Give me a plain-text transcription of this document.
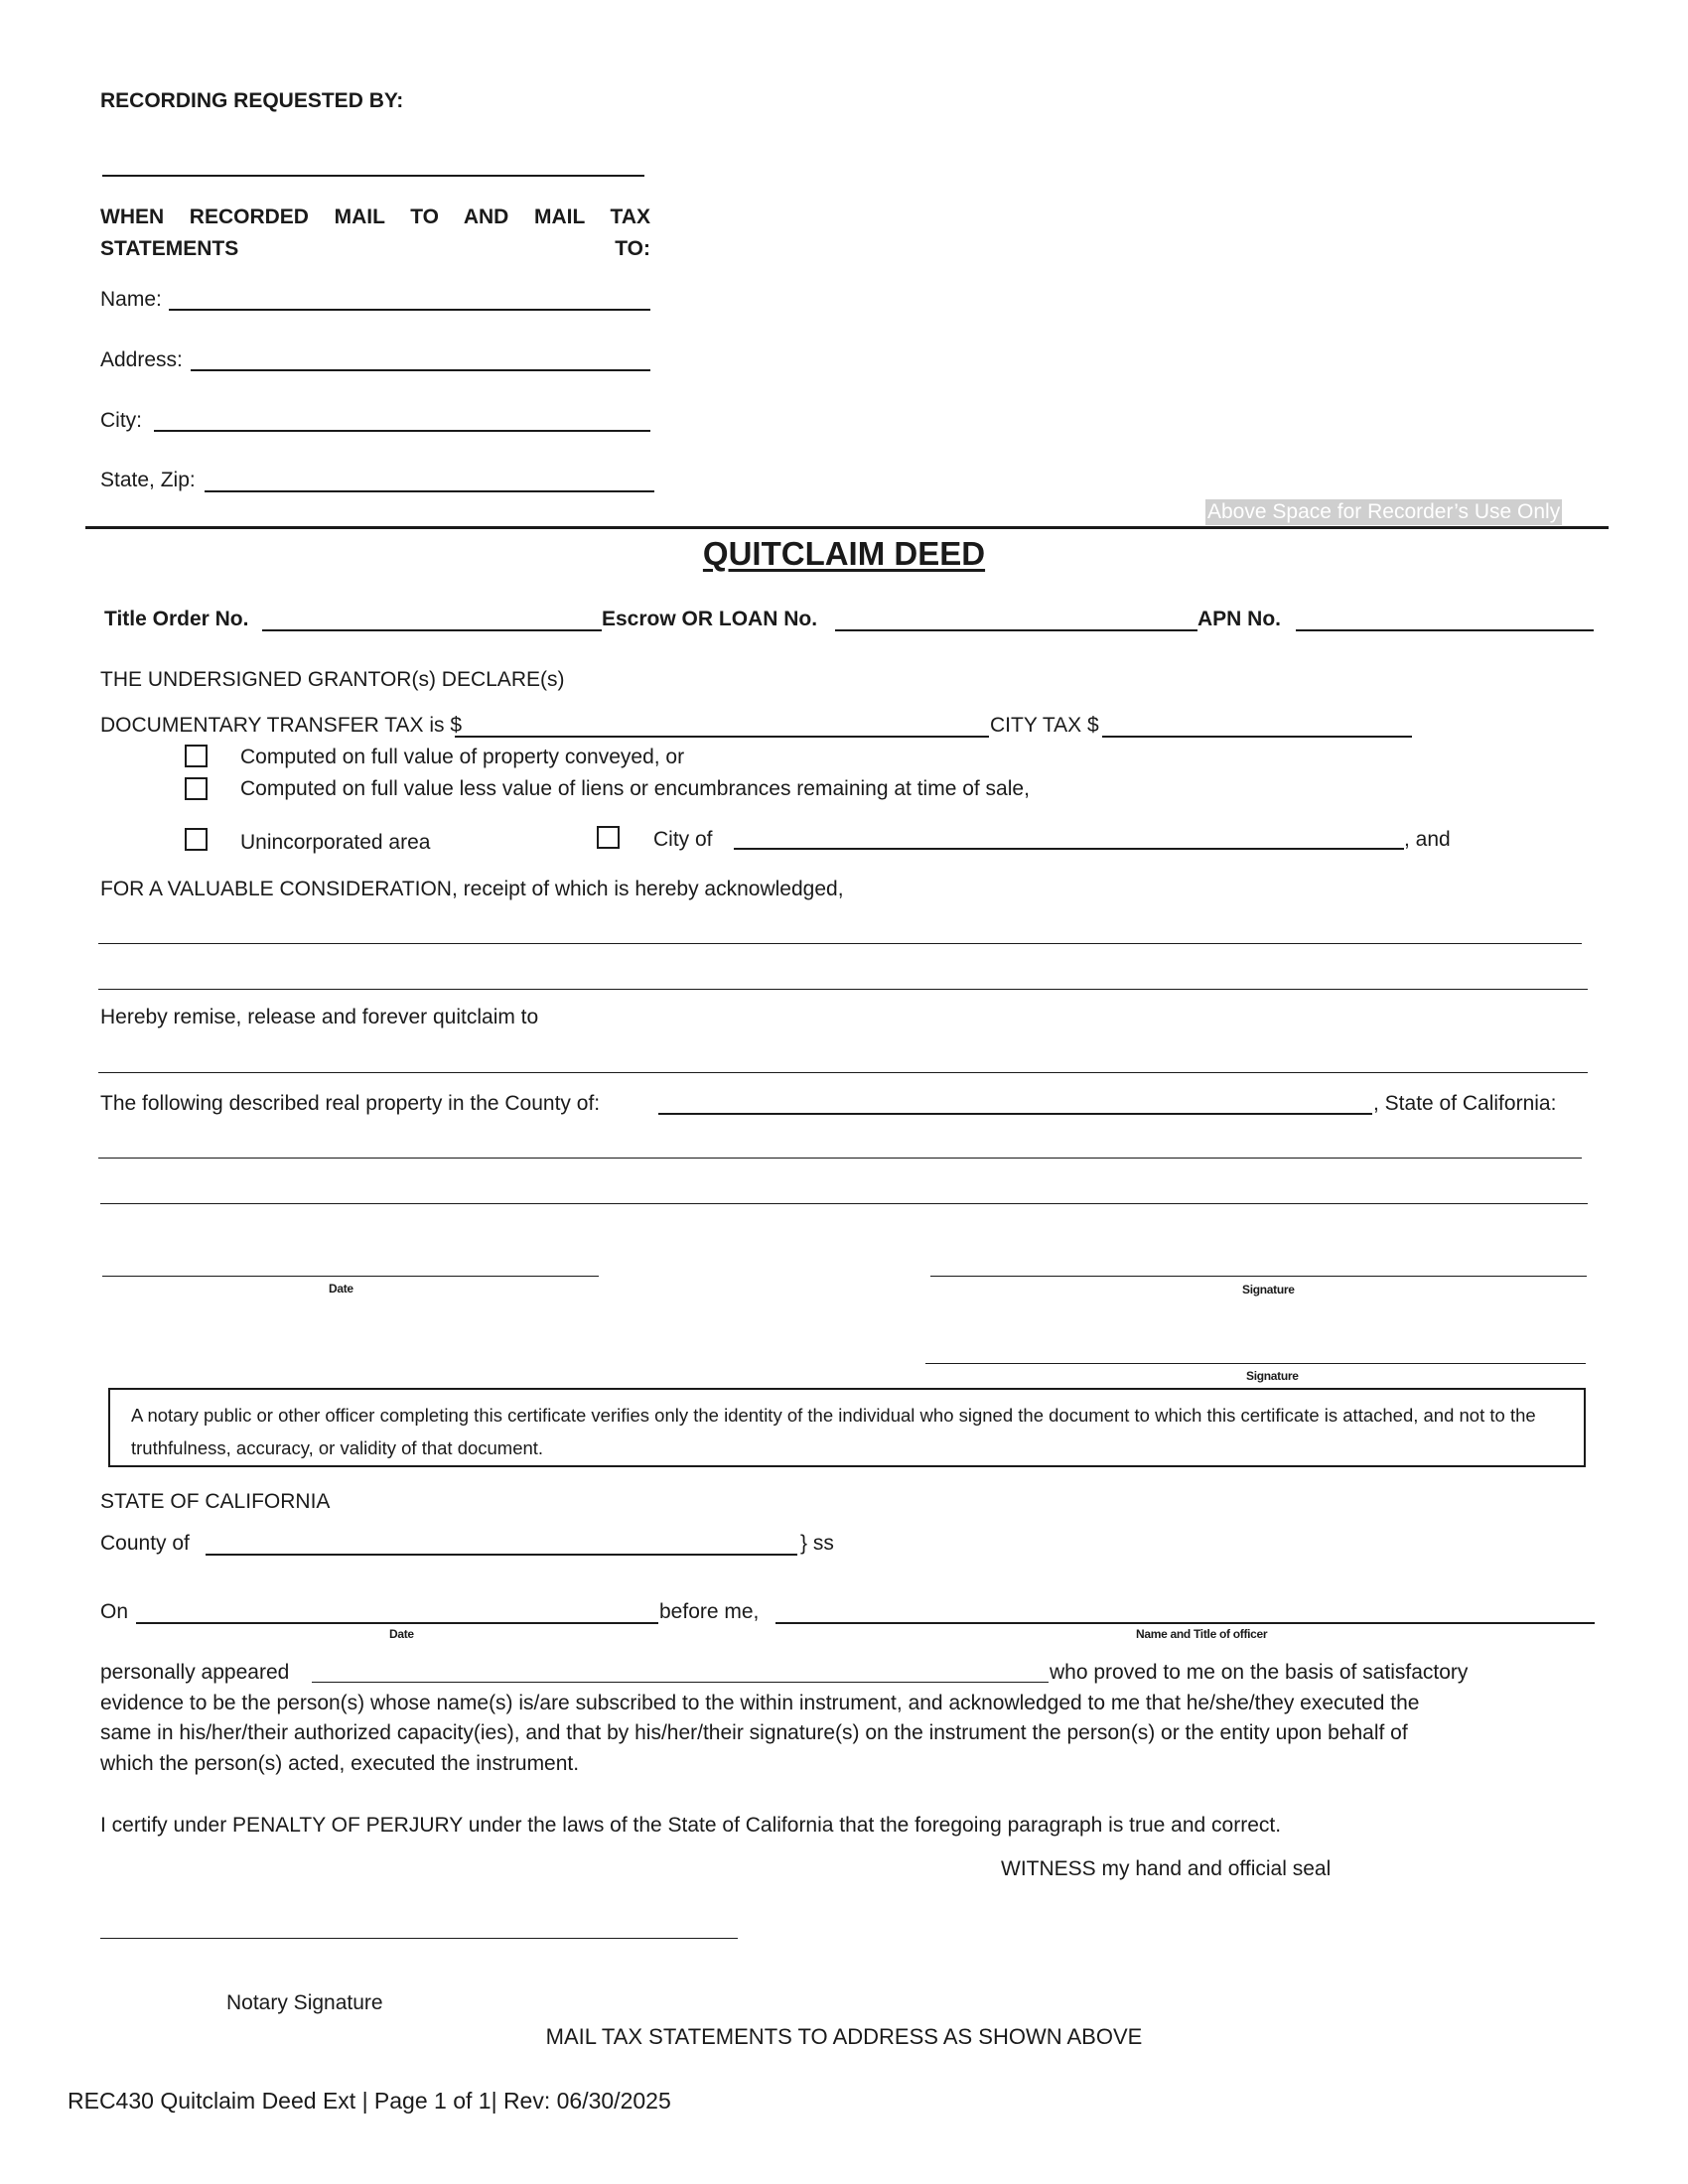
RECORDING REQUESTED BY:
WHEN RECORDED MAIL TO AND MAIL TAX STATEMENTS TO:
Name:
Address:
City:
State, Zip:
Above Space for Recorder’s Use Only
QUITCLAIM DEED
Title Order No.	Escrow OR LOAN No.	APN No.
THE UNDERSIGNED GRANTOR(s) DECLARE(s)
DOCUMENTARY TRANSFER TAX is $	CITY TAX $
Computed on full value of property conveyed, or
Computed on full value less value of liens or encumbrances remaining at time of sale,
Unincorporated area	City of	, and
FOR A VALUABLE CONSIDERATION, receipt of which is hereby acknowledged,
Hereby remise, release and forever quitclaim to
The following described real property in the County of:	, State of California:
Date	Signature
Signature
A notary public or other officer completing this certificate verifies only the identity of the individual who signed the document to which this certificate is attached, and not to the truthfulness, accuracy, or validity of that document.
STATE OF CALIFORNIA
County of	} ss
On
Date
before me,
Name and Title of officer
personally appeared	who proved to me on the basis of satisfactory
evidence to be the person(s) whose name(s) is/are subscribed to the within instrument, and acknowledged to me that he/she/they executed the
same in his/her/their authorized capacity(ies), and that by his/her/their signature(s) on the instrument the person(s) or the entity upon behalf of
which the person(s) acted, executed the instrument.
I certify under PENALTY OF PERJURY under the laws of the State of California that the foregoing paragraph is true and correct.
WITNESS my hand and official seal
Notary Signature
MAIL TAX STATEMENTS TO ADDRESS AS SHOWN ABOVE
REC430 Quitclaim Deed Ext | Page 1 of 1| Rev: 06/30/2025
